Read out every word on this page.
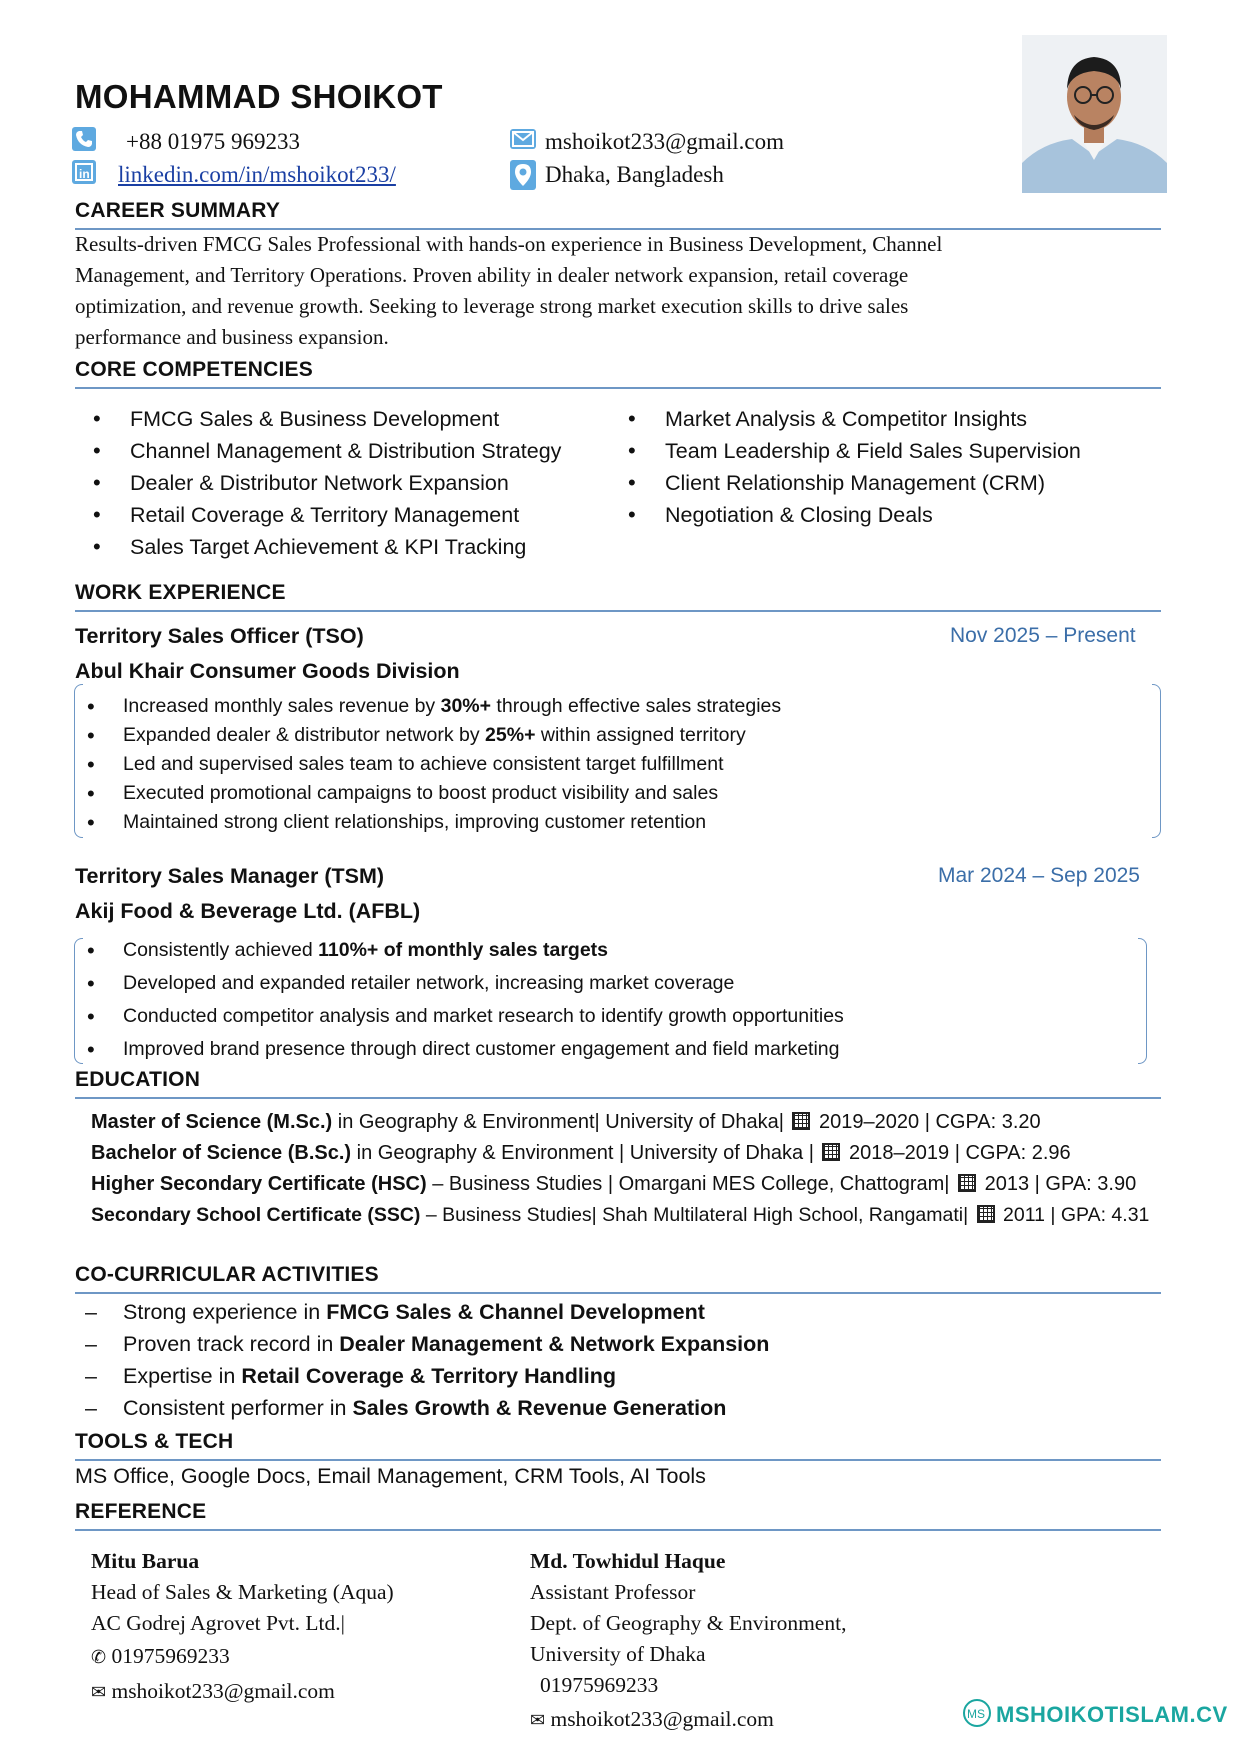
MOHAMMAD SHOIKOT
+88 01975 969233	mshoikot233@gmail.com
in linkedin.com/in/mshoikot233/	Dhaka, Bangladesh
CAREER SUMMARY
Results-driven FMCG Sales Professional with hands-on experience in Business Development, Channel
Management, and Territory Operations. Proven ability in dealer network expansion, retail coverage
optimization, and revenue growth. Seeking to leverage strong market execution skills to drive sales
performance and business expansion.
CORE COMPETENCIES
• FMCG Sales & Business Development
• Channel Management & Distribution Strategy
• Dealer & Distributor Network Expansion
• Retail Coverage & Territory Management
• Sales Target Achievement & KPI Tracking
• Market Analysis & Competitor Insights
• Team Leadership & Field Sales Supervision
• Client Relationship Management (CRM)
• Negotiation & Closing Deals
WORK EXPERIENCE
Territory Sales Officer (TSO)	Nov 2025 – Present
Abul Khair Consumer Goods Division
• Increased monthly sales revenue by 30%+ through effective sales strategies
• Expanded dealer & distributor network by 25%+ within assigned territory
• Led and supervised sales team to achieve consistent target fulfillment
• Executed promotional campaigns to boost product visibility and sales
• Maintained strong client relationships, improving customer retention
Territory Sales Manager (TSM)	Mar 2024 – Sep 2025
Akij Food & Beverage Ltd. (AFBL)
• Consistently achieved 110%+ of monthly sales targets
• Developed and expanded retailer network, increasing market coverage
• Conducted competitor analysis and market research to identify growth opportunities
• Improved brand presence through direct customer engagement and field marketing
EDUCATION
Master of Science (M.Sc.) in Geography & Environment| University of Dhaka| 2019–2020 | CGPA: 3.20
Bachelor of Science (B.Sc.) in Geography & Environment | University of Dhaka | 2018–2019 | CGPA: 2.96
Higher Secondary Certificate (HSC) – Business Studies | Omargani MES College, Chattogram| 2013 | GPA: 3.90
Secondary School Certificate (SSC) – Business Studies| Shah Multilateral High School, Rangamati| 2011 | GPA: 4.31
CO-CURRICULAR ACTIVITIES
– Strong experience in FMCG Sales & Channel Development
– Proven track record in Dealer Management & Network Expansion
– Expertise in Retail Coverage & Territory Handling
– Consistent performer in Sales Growth & Revenue Generation
TOOLS & TECH
MS Office, Google Docs, Email Management, CRM Tools, AI Tools
REFERENCE
Mitu Barua
Head of Sales & Marketing (Aqua)
AC Godrej Agrovet Pvt. Ltd.|
✆ 01975969233
✉ mshoikot233@gmail.com
Md. Towhidul Haque
Assistant Professor
Dept. of Geography & Environment,
University of Dhaka
01975969233
✉ mshoikot233@gmail.com	MS MSHOIKOTISLAM.CV
